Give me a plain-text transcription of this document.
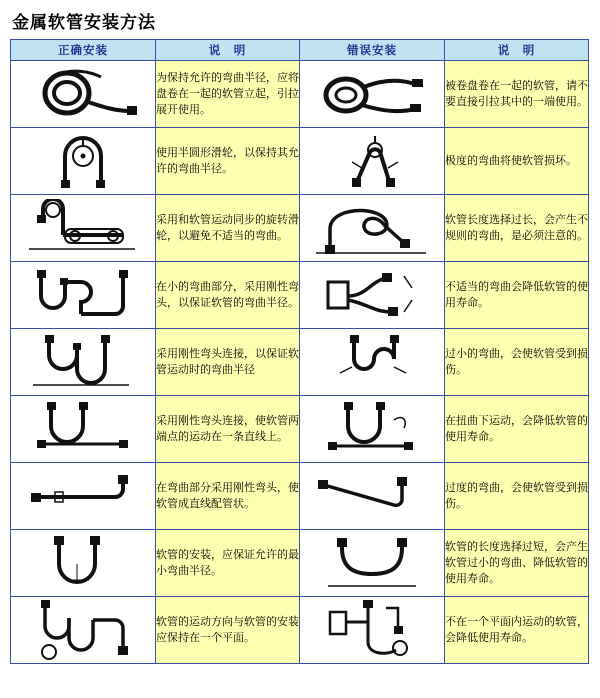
金属软管安装方法
正确安装	说　明	错误安装	说　明

	为保持允许的弯曲半径，应将盘卷在一起的软管立起，引拉展开使用。		被卷盘卷在一起的软管，请不要直接引拉其中的一端使用。

	使用半圆形滑轮，以保持其允许的弯曲半径。		极度的弯曲将使软管损坏。

	采用和软管运动同步的旋转滑轮，以避免不适当的弯曲。		软管长度选择过长，会产生不规则的弯曲，是必须注意的。

	在小的弯曲部分，采用刚性弯头，以保证软管的弯曲半径。		不适当的弯曲会降低软管的使用寿命。

	采用刚性弯头连接，以保证软管运动时的弯曲半径		过小的弯曲，会使软管受到损伤。

	采用刚性弯头连接，使软管两端点的运动在一条直线上。		在扭曲下运动，会降低软管的使用寿命。

	在弯曲部分采用刚性弯头，使软管成直线配管状。		过度的弯曲，会使软管受到损伤。

	软管的安装，应保证允许的最小弯曲半径。		软管的长度选择过短，会产生软管过小的弯曲、降低软管的使用寿命。

	软管的运动方向与软管的安装应保持在一个平面。		不在一个平面内运动的软管，会降低使用寿命。
